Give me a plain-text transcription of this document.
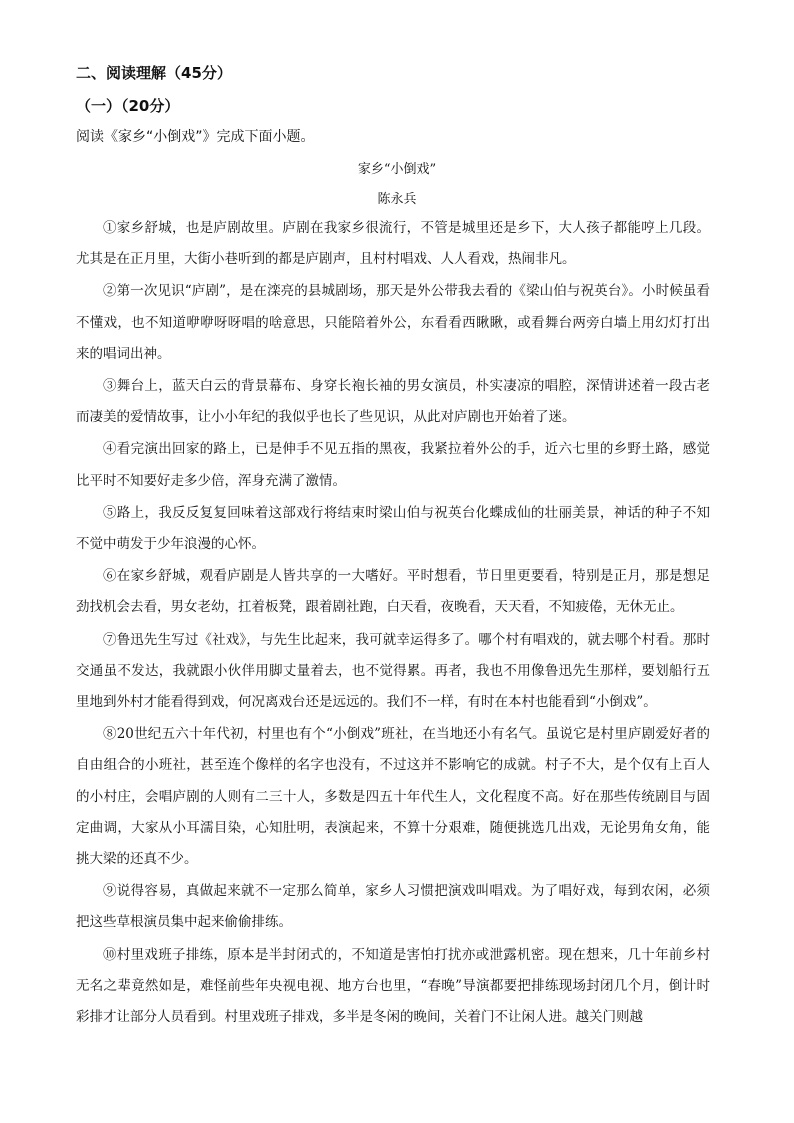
二、阅读理解（45分）
（一）（20分）
阅读《家乡“小倒戏”》完成下面小题。
家乡“小倒戏”
陈永兵

①家乡舒城，也是庐剧故里。庐剧在我家乡很流行，不管是城里还是乡下，大人孩子都能哼上几段。尤其是在正月里，大街小巷听到的都是庐剧声，且村村唱戏、人人看戏，热闹非凡。

②第一次见识“庐剧”，是在滦亮的县城剧场，那天是外公带我去看的《梁山伯与祝英台》。小时候虽看不懂戏，也不知道咿咿呀呀唱的啥意思，只能陪着外公，东看看西瞅瞅，或看舞台两旁白墙上用幻灯打出来的唱词出神。

③舞台上，蓝天白云的背景幕布、身穿长袍长袖的男女演员，朴实凄凉的唱腔，深情讲述着一段古老而凄美的爱情故事，让小小年纪的我似乎也长了些见识，从此对庐剧也开始着了迷。

④看完演出回家的路上，已是伸手不见五指的黑夜，我紧拉着外公的手，近六七里的乡野土路，感觉比平时不知要好走多少倍，浑身充满了激情。

⑤路上，我反反复复回味着这部戏行将结束时梁山伯与祝英台化蝶成仙的壮丽美景，神话的种子不知不觉中萌发于少年浪漫的心怀。

⑥在家乡舒城，观看庐剧是人皆共享的一大嗜好。平时想看，节日里更要看，特别是正月，那是想足劲找机会去看，男女老幼，扛着板凳，跟着剧社跑，白天看，夜晚看，天天看，不知疲倦，无休无止。

⑦鲁迅先生写过《社戏》，与先生比起来，我可就幸运得多了。哪个村有唱戏的，就去哪个村看。那时交通虽不发达，我就跟小伙伴用脚丈量着去，也不觉得累。再者，我也不用像鲁迅先生那样，要划船行五里地到外村才能看得到戏，何况离戏台还是远远的。我们不一样，有时在本村也能看到“小倒戏”。

⑧20世纪五六十年代初，村里也有个“小倒戏”班社，在当地还小有名气。虽说它是村里庐剧爱好者的自由组合的小班社，甚至连个像样的名字也没有，不过这并不影响它的成就。村子不大，是个仅有上百人的小村庄，会唱庐剧的人则有二三十人，多数是四五十年代生人，文化程度不高。好在那些传统剧目与固定曲调，大家从小耳濡目染，心知肚明，表演起来，不算十分艰难，随便挑选几出戏，无论男角女角，能挑大梁的还真不少。

⑨说得容易，真做起来就不一定那么简单，家乡人习惯把演戏叫唱戏。为了唱好戏，每到农闲，必须把这些草根演员集中起来偷偷排练。

⑩村里戏班子排练，原本是半封闭式的，不知道是害怕打扰亦或泄露机密。现在想来，几十年前乡村无名之辈竟然如是，难怪前些年央视电视、地方台也里，“春晚”导演都要把排练现场封闭几个月，倒计时彩排才让部分人员看到。村里戏班子排戏，多半是冬闲的晚间，关着门不让闲人进。越关门则越
